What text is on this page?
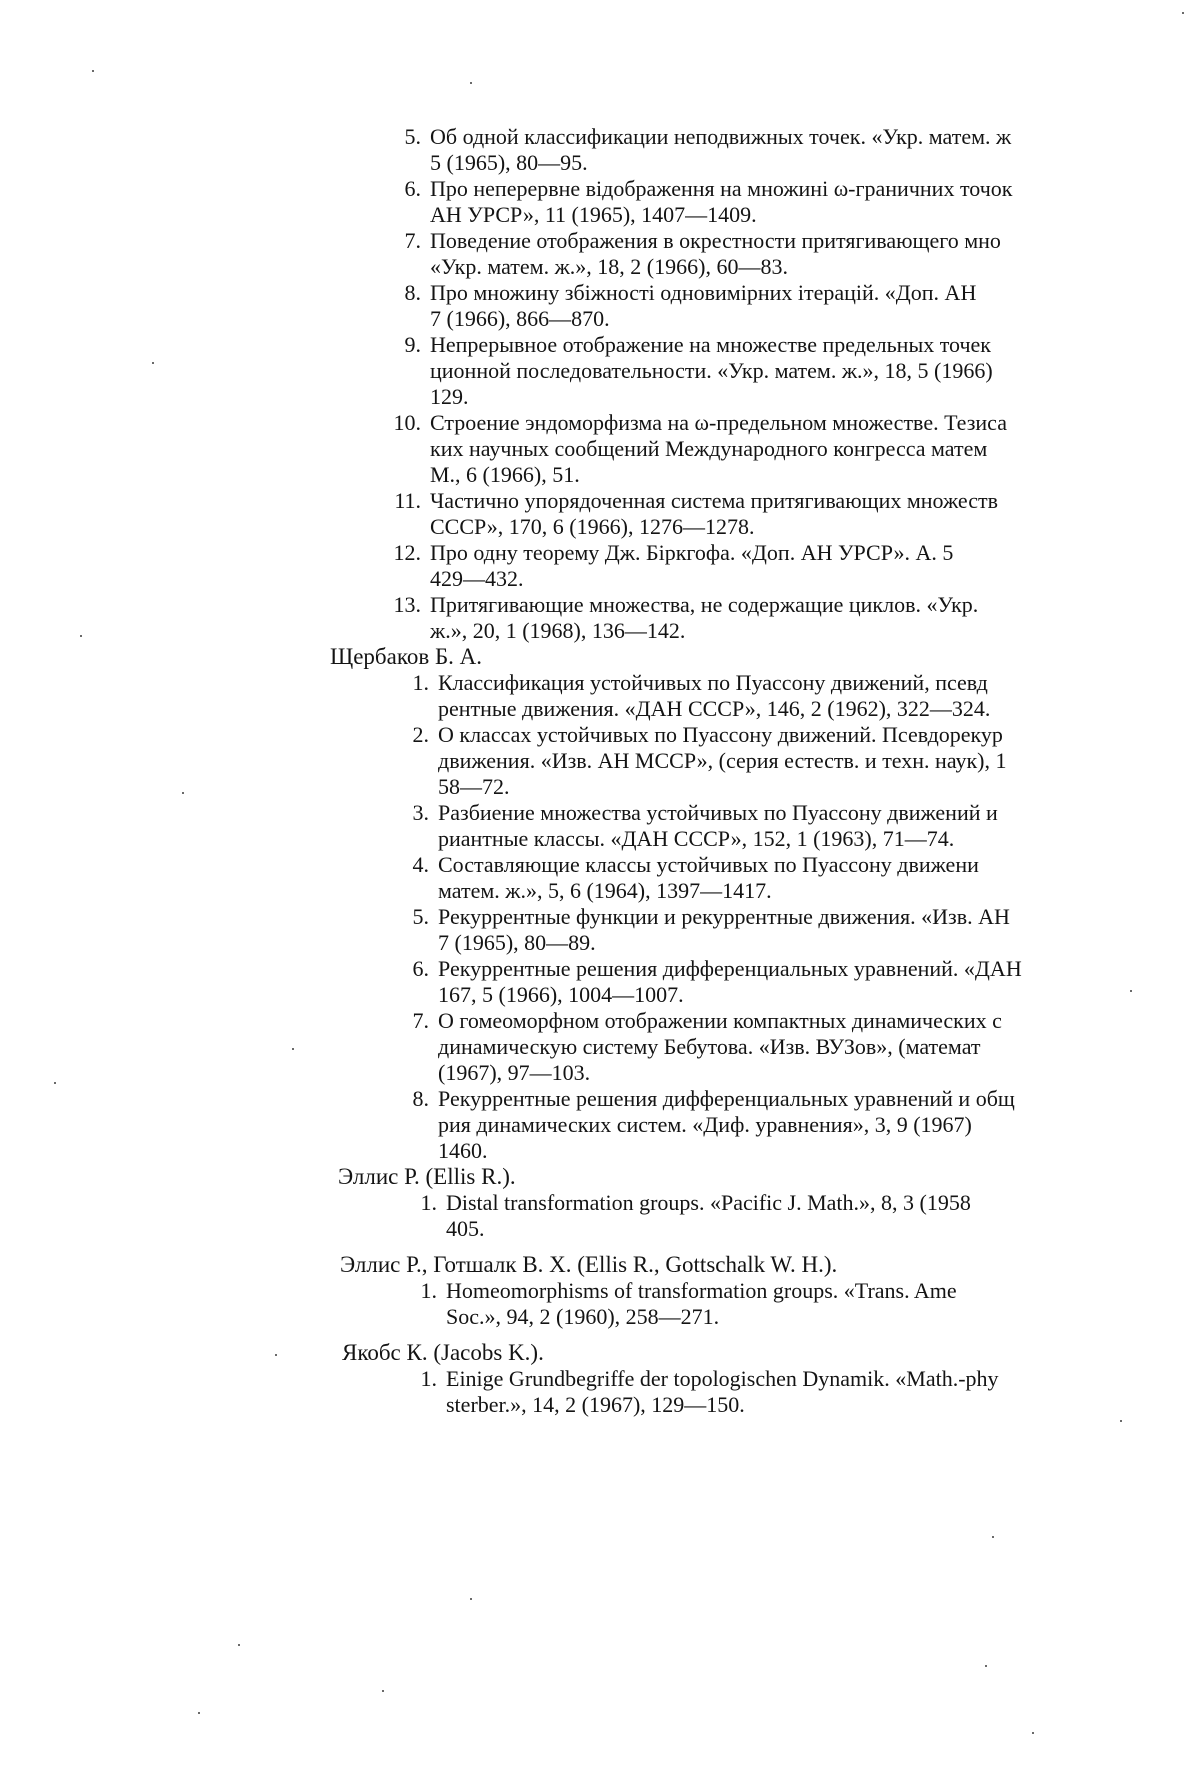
5. Об одной классификации неподвижных точек. «Укр. матем. ж
5 (1965), 80—95.
6. Про неперервне вiдображення на множинi ω-граничних точок
АН УРСР», 11 (1965), 1407—1409.
7. Поведение отображения в окрестности притягивающего мно
«Укр. матем. ж.», 18, 2 (1966), 60—83.
8. Про множину збiжностi одновимiрних iтерацiй. «Доп. АН
7 (1966), 866—870.
9. Непрерывное отображение на множестве предельных точек
ционной последовательности. «Укр. матем. ж.», 18, 5 (1966)
129.
10. Строение эндоморфизма на ω-предельном множестве. Тезиса
ких научных сообщений Международного конгресса матем
М., 6 (1966), 51.
11. Частично упорядоченная система притягивающих множеств
СССР», 170, 6 (1966), 1276—1278.
12. Про одну теорему Дж. Бiркгофа. «Доп. АН УРСР». А. 5
429—432.
13. Притягивающие множества, не содержащие циклов. «Укр.
ж.», 20, 1 (1968), 136—142.
Щербаков Б. А.
1. Классификация устойчивых по Пуассону движений, псевд
рентные движения. «ДАН СССР», 146, 2 (1962), 322—324.
2. О классах устойчивых по Пуассону движений. Псевдорекур
движения. «Изв. АН МССР», (серия естеств. и техн. наук), 1
58—72.
3. Разбиение множества устойчивых по Пуассону движений и
риантные классы. «ДАН СССР», 152, 1 (1963), 71—74.
4. Составляющие классы устойчивых по Пуассону движени
матем. ж.», 5, 6 (1964), 1397—1417.
5. Рекуррентные функции и рекуррентные движения. «Изв. АН
7 (1965), 80—89.
6. Рекуррентные решения дифференциальных уравнений. «ДАН
167, 5 (1966), 1004—1007.
7. О гомеоморфном отображении компактных динамических с
динамическую систему Бебутова. «Изв. ВУЗов», (математ
(1967), 97—103.
8. Рекуррентные решения дифференциальных уравнений и общ
рия динамических систем. «Диф. уравнения», 3, 9 (1967)
1460.
Эллис Р. (Ellis R.).
1. Distal transformation groups. «Pacific J. Math.», 8, 3 (1958
405.
Эллис Р., Готшалк В. Х. (Ellis R., Gottschalk W. H.).
1. Homeomorphisms of transformation groups. «Trans. Ame
Soc.», 94, 2 (1960), 258—271.
Якобс К. (Jacobs K.).
1. Einige Grundbegriffe der topologischen Dynamik. «Math.-phy
sterber.», 14, 2 (1967), 129—150.
